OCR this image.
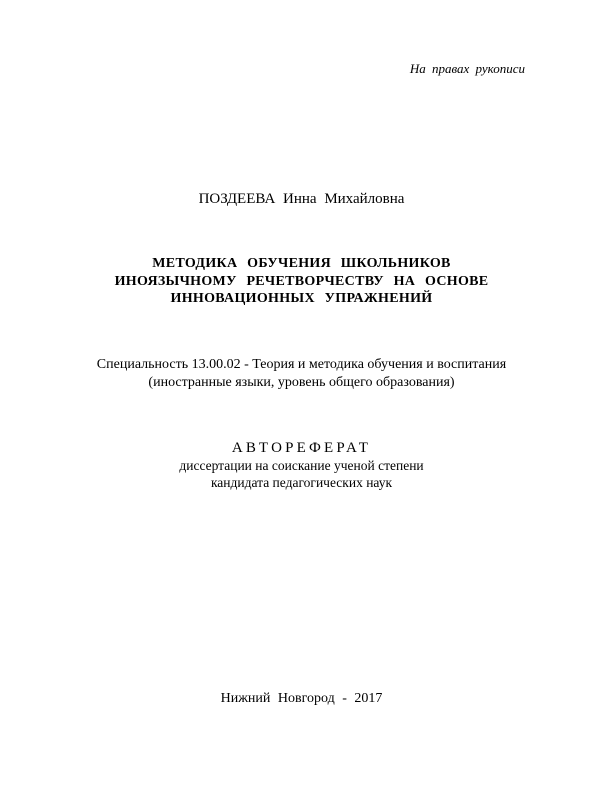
На правах рукописи
ПОЗДЕЕВА Инна Михайловна
МЕТОДИКА ОБУЧЕНИЯ ШКОЛЬНИКОВ
ИНОЯЗЫЧНОМУ РЕЧЕТВОРЧЕСТВУ НА ОСНОВЕ
ИННОВАЦИОННЫХ УПРАЖНЕНИЙ
Специальность 13.00.02 - Теория и методика обучения и воспитания
(иностранные языки, уровень общего образования)
АВТОРЕФЕРАТ
диссертации на соискание ученой степени
кандидата педагогических наук
Нижний Новгород - 2017
